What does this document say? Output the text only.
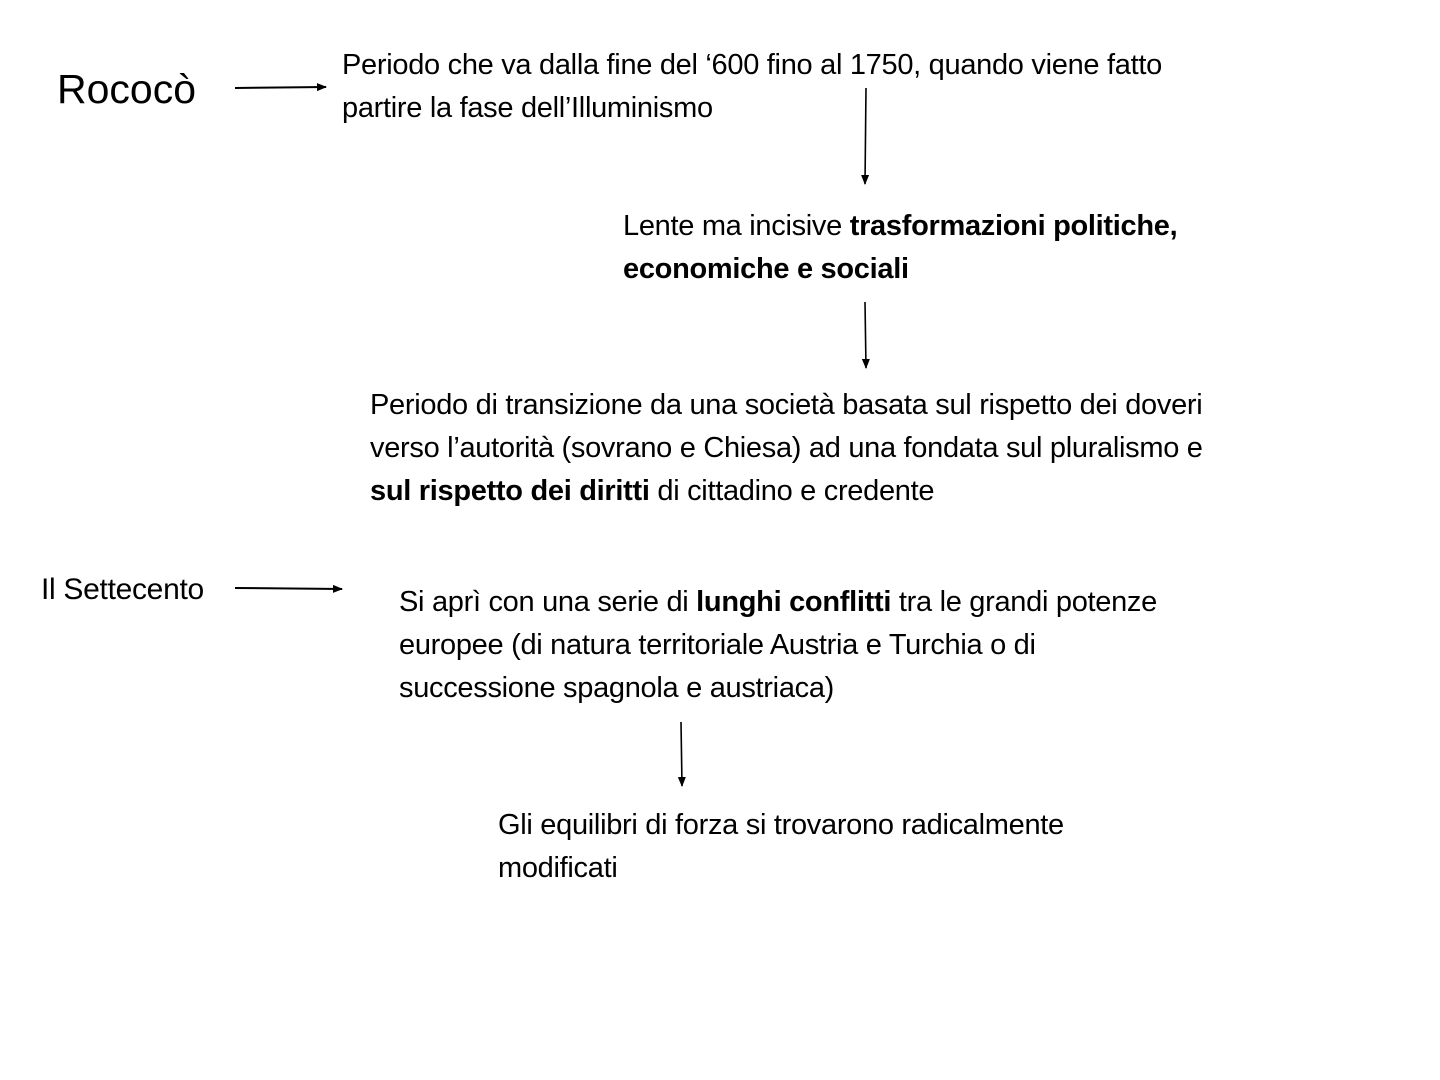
Rococò
Il Settecento
Periodo che va dalla fine del ‘600 fino al 1750, quando viene fatto
partire la fase dell’Illuminismo
Lente ma incisive trasformazioni politiche,
economiche e sociali
Periodo di transizione da una società basata sul rispetto dei doveri
verso l’autorità (sovrano e Chiesa) ad una fondata sul pluralismo e
sul rispetto dei diritti di cittadino e credente
Si aprì con una serie di lunghi conflitti tra le grandi potenze
europee (di natura territoriale Austria e Turchia o di
successione spagnola e austriaca)
Gli equilibri di forza si trovarono radicalmente
modificati
